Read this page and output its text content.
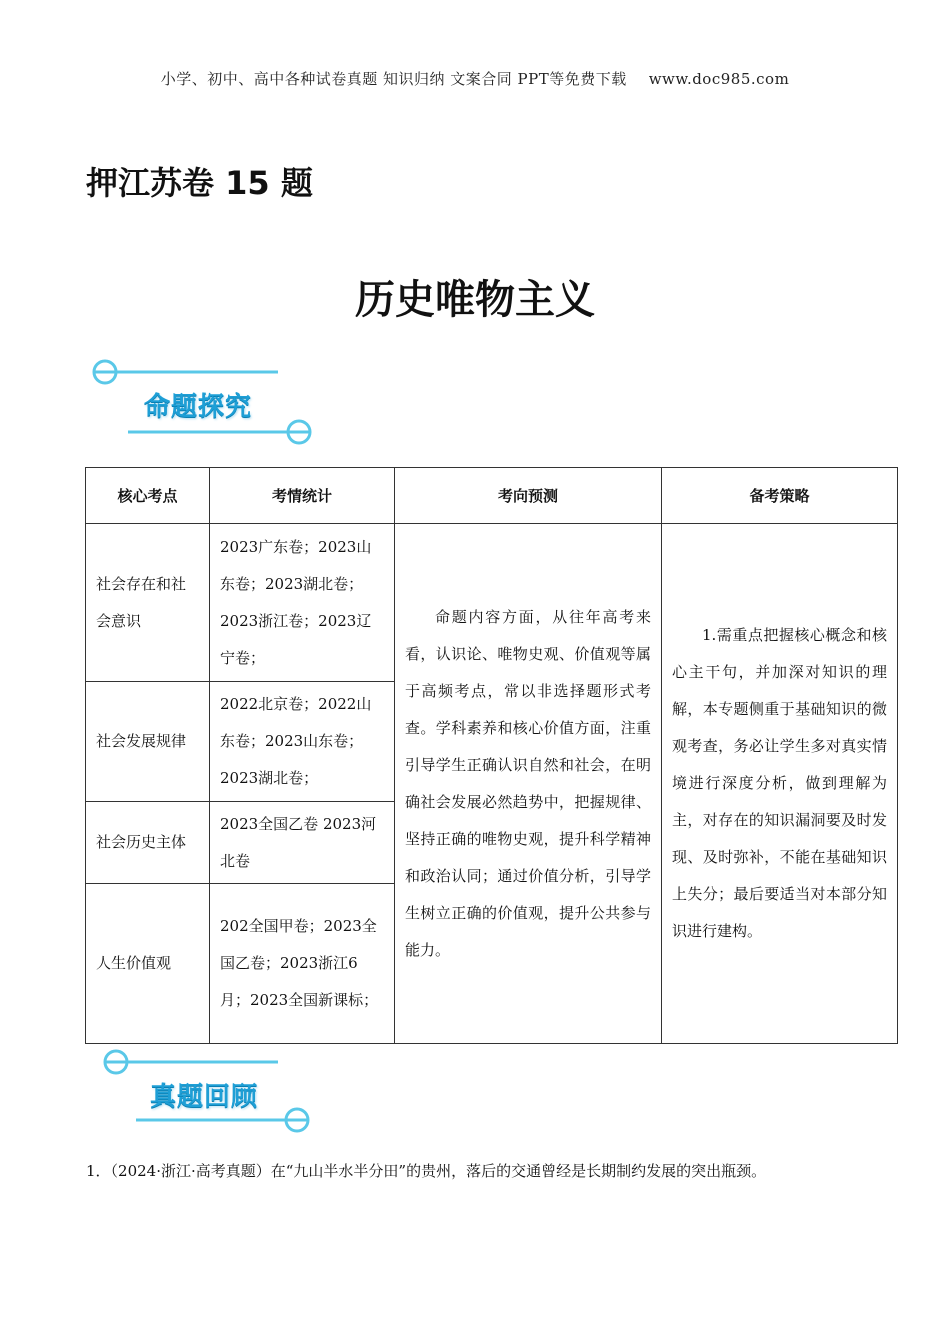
小学、初中、高中各种试卷真题 知识归纳 文案合同 PPT等免费下载 www.doc985.com
押江苏卷 15 题
历史唯物主义
命题探究
核心考点	考情统计	考向预测	备考策略
社会存在和社会意识	2023广东卷；2023山东卷；2023湖北卷；2023浙江卷；2023辽宁卷；	命题内容方面，从往年高考来看，认识论、唯物史观、价值观等属于高频考点，常以非选择题形式考查。学科素养和核心价值方面，注重引导学生正确认识自然和社会，在明确社会发展必然趋势中，把握规律、坚持正确的唯物史观，提升科学精神和政治认同；通过价值分析，引导学生树立正确的价值观，提升公共参与能力。	1.需重点把握核心概念和核心主干句，并加深对知识的理解，本专题侧重于基础知识的微观考查，务必让学生多对真实情境进行深度分析，做到理解为主，对存在的知识漏洞要及时发现、及时弥补，不能在基础知识上失分；最后要适当对本部分知识进行建构。

社会发展规律	2022北京卷；2022山东卷；2023山东卷；2023湖北卷；		
社会历史主体	2023全国乙卷 2023河北卷		
人生价值观	202全国甲卷；2023全国乙卷；2023浙江6月；2023全国新课标；		
真题回顾
1．（2024·浙江·高考真题）在“九山半水半分田”的贵州，落后的交通曾经是长期制约发展的突出瓶颈。
